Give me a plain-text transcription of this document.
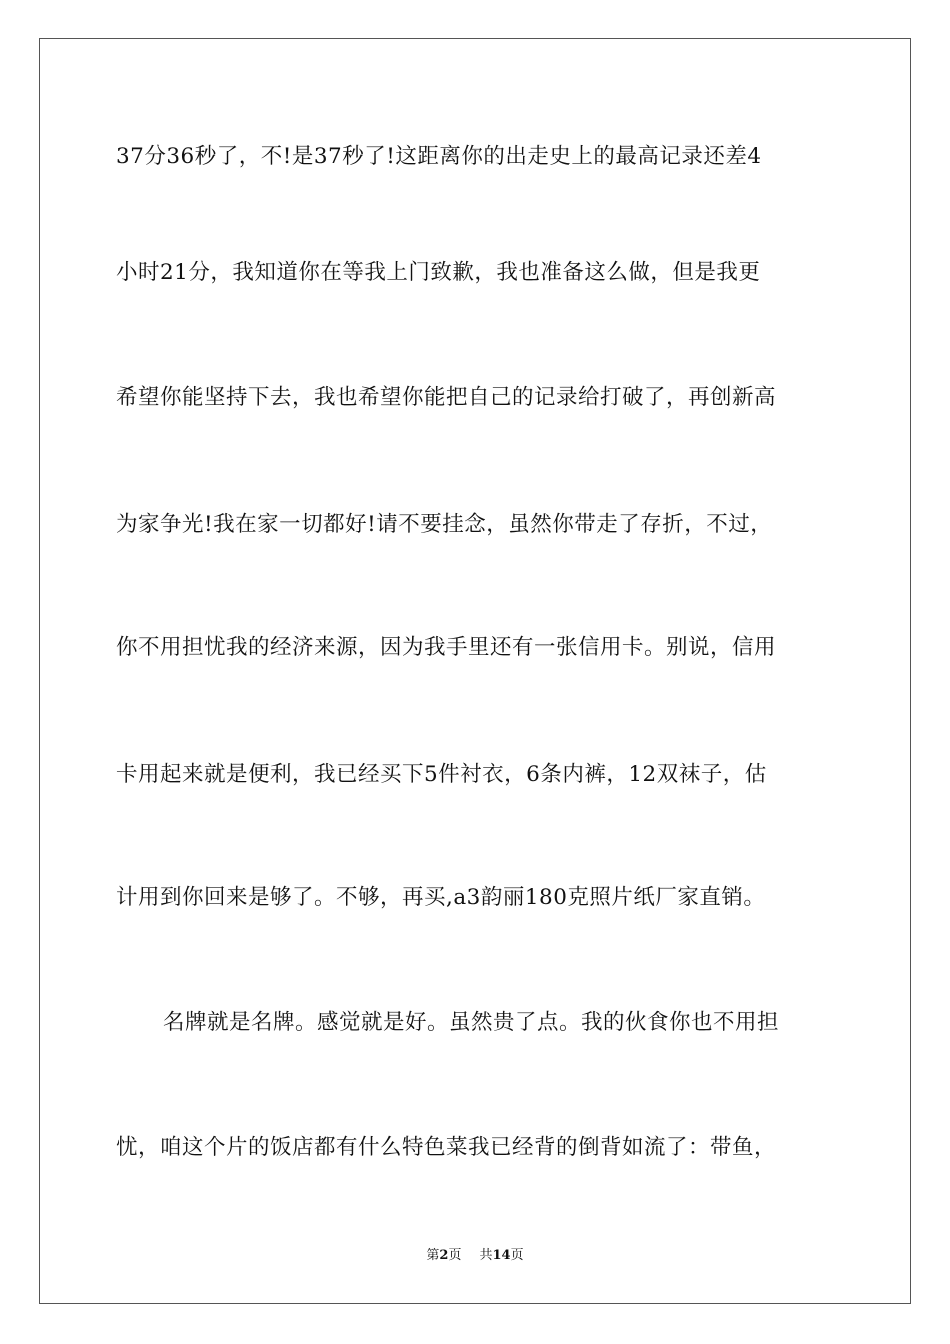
37分36秒了，不!是37秒了!这距离你的出走史上的最高记录还差4
小时21分，我知道你在等我上门致歉，我也准备这么做，但是我更
希望你能坚持下去，我也希望你能把自己的记录给打破了，再创新高
为家争光!我在家一切都好!请不要挂念，虽然你带走了存折，不过，
你不用担忧我的经济来源，因为我手里还有一张信用卡。别说，信用
卡用起来就是便利，我已经买下5件衬衣，6条内裤，12双袜子，估
计用到你回来是够了。不够，再买,a3韵丽180克照片纸厂家直销。
名牌就是名牌。感觉就是好。虽然贵了点。我的伙食你也不用担
忧，咱这个片的饭店都有什么特色菜我已经背的倒背如流了：带鱼，
第2页 共14页
